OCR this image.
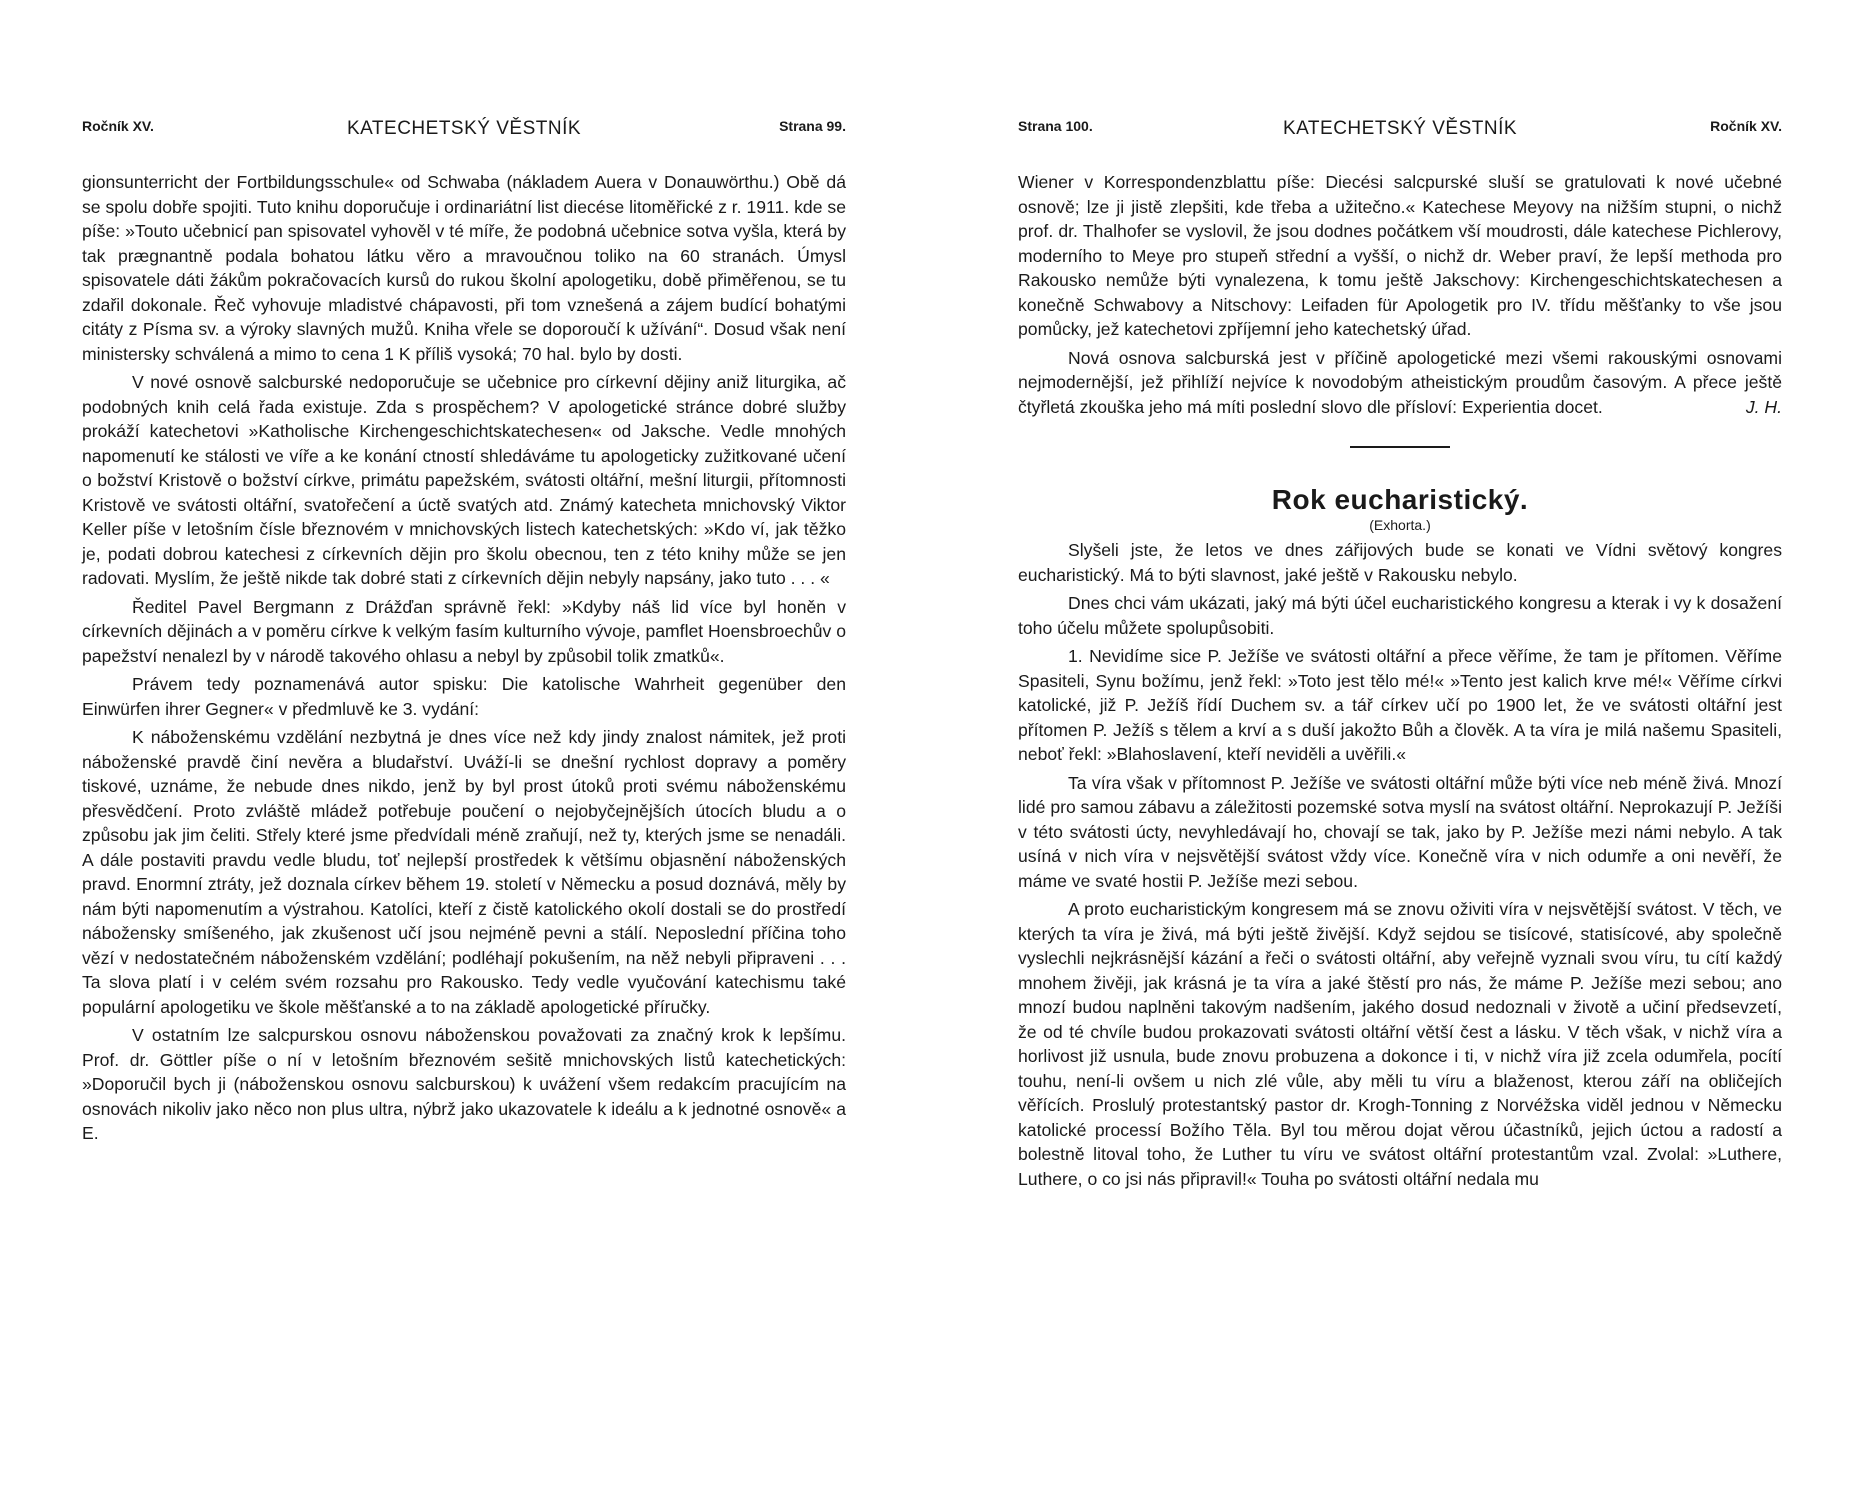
Ročník XV.	KATECHETSKÝ VĚSTNÍK	Strana 99.

gionsunterricht der Fortbildungsschule« od Schwaba (nákladem Auera v Donauwörthu.) Obě dá se spolu dobře spojiti. Tuto knihu doporučuje i ordinariátní list diecése litoměřické z r. 1911. kde se píše: »Touto učebnicí pan spisovatel vyhověl v té míře, že podobná učebnice sotva vyšla, která by tak prægnantně podala bohatou látku věro a mravoučnou toliko na 60 stranách. Úmysl spisovatele dáti žákům pokračovacích kursů do rukou školní apologetiku, době přiměřenou, se tu zdařil dokonale. Řeč vyhovuje mladistvé chápavosti, při tom vznešená a zájem budící bohatými citáty z Písma sv. a výroky slavných mužů. Kniha vřele se doporoučí k užívání“. Dosud však není ministersky schválená a mimo to cena 1 K příliš vysoká; 70 hal. bylo by dosti.

V nové osnově salcburské nedoporučuje se učebnice pro církevní dějiny aniž liturgika, ač podobných knih celá řada existuje. Zda s prospěchem? V apologetické stránce dobré služby prokáží katechetovi »Katholische Kirchengeschichtskatechesen« od Jaksche. Vedle mnohých napomenutí ke stálosti ve víře a ke konání ctností shledáváme tu apologeticky zužitkované učení o božství Kristově o božství církve, primátu papežském, svátosti oltářní, mešní liturgii, přítomnosti Kristově ve svátosti oltářní, svatořečení a úctě svatých atd. Známý katecheta mnichovský Viktor Keller píše v letošním čísle březnovém v mnichovských listech katechetských: »Kdo ví, jak těžko je, podati dobrou katechesi z církevních dějin pro školu obecnou, ten z této knihy může se jen radovati. Myslím, že ještě nikde tak dobré stati z církevních dějin nebyly napsány, jako tuto . . . «

Ředitel Pavel Bergmann z Drážďan správně řekl: »Kdyby náš lid více byl honěn v církevních dějinách a v poměru církve k velkým fasím kulturního vývoje, pamflet Hoensbroechův o papežství nenalezl by v národě takového ohlasu a nebyl by způsobil tolik zmatků«.

Právem tedy poznamenává autor spisku: Die katolische Wahrheit gegenüber den Einwürfen ihrer Gegner« v předmluvě ke 3. vydání:

K náboženskému vzdělání nezbytná je dnes více než kdy jindy znalost námitek, jež proti náboženské pravdě činí nevěra a bludařství. Uváží-li se dnešní rychlost dopravy a poměry tiskové, uznáme, že nebude dnes nikdo, jenž by byl prost útoků proti svému náboženskému přesvědčení. Proto zvláště mládež potřebuje poučení o nejobyčejnějších útocích bludu a o způsobu jak jim čeliti. Střely které jsme předvídali méně zraňují, než ty, kterých jsme se nenadáli. A dále postaviti pravdu vedle bludu, toť nejlepší prostředek k většímu objasnění náboženských pravd. Enormní ztráty, jež doznala církev během 19. století v Německu a posud doznává, měly by nám býti napomenutím a výstrahou. Katolíci, kteří z čistě katolického okolí dostali se do prostředí nábožensky smíšeného, jak zkušenost učí jsou nejméně pevni a stálí. Neposlední příčina toho vězí v nedostatečném náboženském vzdělání; podléhají pokušením, na něž nebyli připraveni . . . Ta slova platí i v celém svém rozsahu pro Rakousko. Tedy vedle vyučování katechismu také populární apologetiku ve škole měšťanské a to na základě apologetické příručky.

V ostatním lze salcpurskou osnovu náboženskou považovati za značný krok k lepšímu. Prof. dr. Göttler píše o ní v letošním březnovém sešitě mnichovských listů katechetických: »Doporučil bych ji (náboženskou osnovu salcburskou) k uvážení všem redakcím pracujícím na osnovách nikoliv jako něco non plus ultra, nýbrž jako ukazovatele k ideálu a k jednotné osnově« a E.

Strana 100.	KATECHETSKÝ VĚSTNÍK	Ročník XV.

Wiener v Korrespondenzblattu píše: Diecési salcpurské sluší se gratulovati k nové učebné osnově; lze ji jistě zlepšiti, kde třeba a užitečno.« Katechese Meyovy na nižším stupni, o nichž prof. dr. Thalhofer se vyslovil, že jsou dodnes počátkem vší moudrosti, dále katechese Pichlerovy, moderního to Meye pro stupeň střední a vyšší, o nichž dr. Weber praví, že lepší methoda pro Rakousko nemůže býti vynalezena, k tomu ještě Jakschovy: Kirchengeschichtskatechesen a konečně Schwabovy a Nitschovy: Leifaden für Apologetik pro IV. třídu měšťanky to vše jsou pomůcky, jež katechetovi zpříjemní jeho katechetský úřad.

Nová osnova salcburská jest v příčině apologetické mezi všemi rakouskými osnovami nejmodernější, jež přihlíží nejvíce k novodobým atheistickým proudům časovým. A přece ještě čtyřletá zkouška jeho má míti poslední slovo dle přísloví: Experientia docet.	J. H.

Rok eucharistický.

(Exhorta.)

Slyšeli jste, že letos ve dnes zářijových bude se konati ve Vídni světový kongres eucharistický. Má to býti slavnost, jaké ještě v Rakousku nebylo.

Dnes chci vám ukázati, jaký má býti účel eucharistického kongresu a kterak i vy k dosažení toho účelu můžete spolupůsobiti.

1. Nevidíme sice P. Ježíše ve svátosti oltářní a přece věříme, že tam je přítomen. Věříme Spasiteli, Synu božímu, jenž řekl: »Toto jest tělo mé!« »Tento jest kalich krve mé!« Věříme církvi katolické, již P. Ježíš řídí Duchem sv. a tář církev učí po 1900 let, že ve svátosti oltářní jest přítomen P. Ježíš s tělem a krví a s duší jakožto Bůh a člověk. A ta víra je milá našemu Spasiteli, neboť řekl: »Blahoslavení, kteří neviděli a uvěřili.«

Ta víra však v přítomnost P. Ježíše ve svátosti oltářní může býti více neb méně živá. Mnozí lidé pro samou zábavu a záležitosti pozemské sotva myslí na svátost oltářní. Neprokazují P. Ježíši v této svátosti úcty, nevyhledávají ho, chovají se tak, jako by P. Ježíše mezi námi nebylo. A tak usíná v nich víra v nejsvětější svátost vždy více. Konečně víra v nich odumře a oni nevěří, že máme ve svaté hostii P. Ježíše mezi sebou.

A proto eucharistickým kongresem má se znovu oživiti víra v nejsvětější svátost. V těch, ve kterých ta víra je živá, má býti ještě živější. Když sejdou se tisícové, statisícové, aby společně vyslechli nejkrásnější kázání a řeči o svátosti oltářní, aby veřejně vyznali svou víru, tu cítí každý mnohem živěji, jak krásná je ta víra a jaké štěstí pro nás, že máme P. Ježíše mezi sebou; ano mnozí budou naplněni takovým nadšením, jakého dosud nedoznali v životě a učiní předsevzetí, že od té chvíle budou prokazovati svátosti oltářní větší čest a lásku. V těch však, v nichž víra a horlivost již usnula, bude znovu probuzena a dokonce i ti, v nichž víra již zcela odumřela, pocítí touhu, není-li ovšem u nich zlé vůle, aby měli tu víru a blaženost, kterou září na obličejích věřících. Proslulý protestantský pastor dr. Krogh-Tonning z Norvéžska viděl jednou v Německu katolické processí Božího Těla. Byl tou měrou dojat věrou účastníků, jejich úctou a radostí a bolestně litoval toho, že Luther tu víru ve svátost oltářní protestantům vzal. Zvolal: »Luthere, Luthere, o co jsi nás připravil!« Touha po svátosti oltářní nedala mu
